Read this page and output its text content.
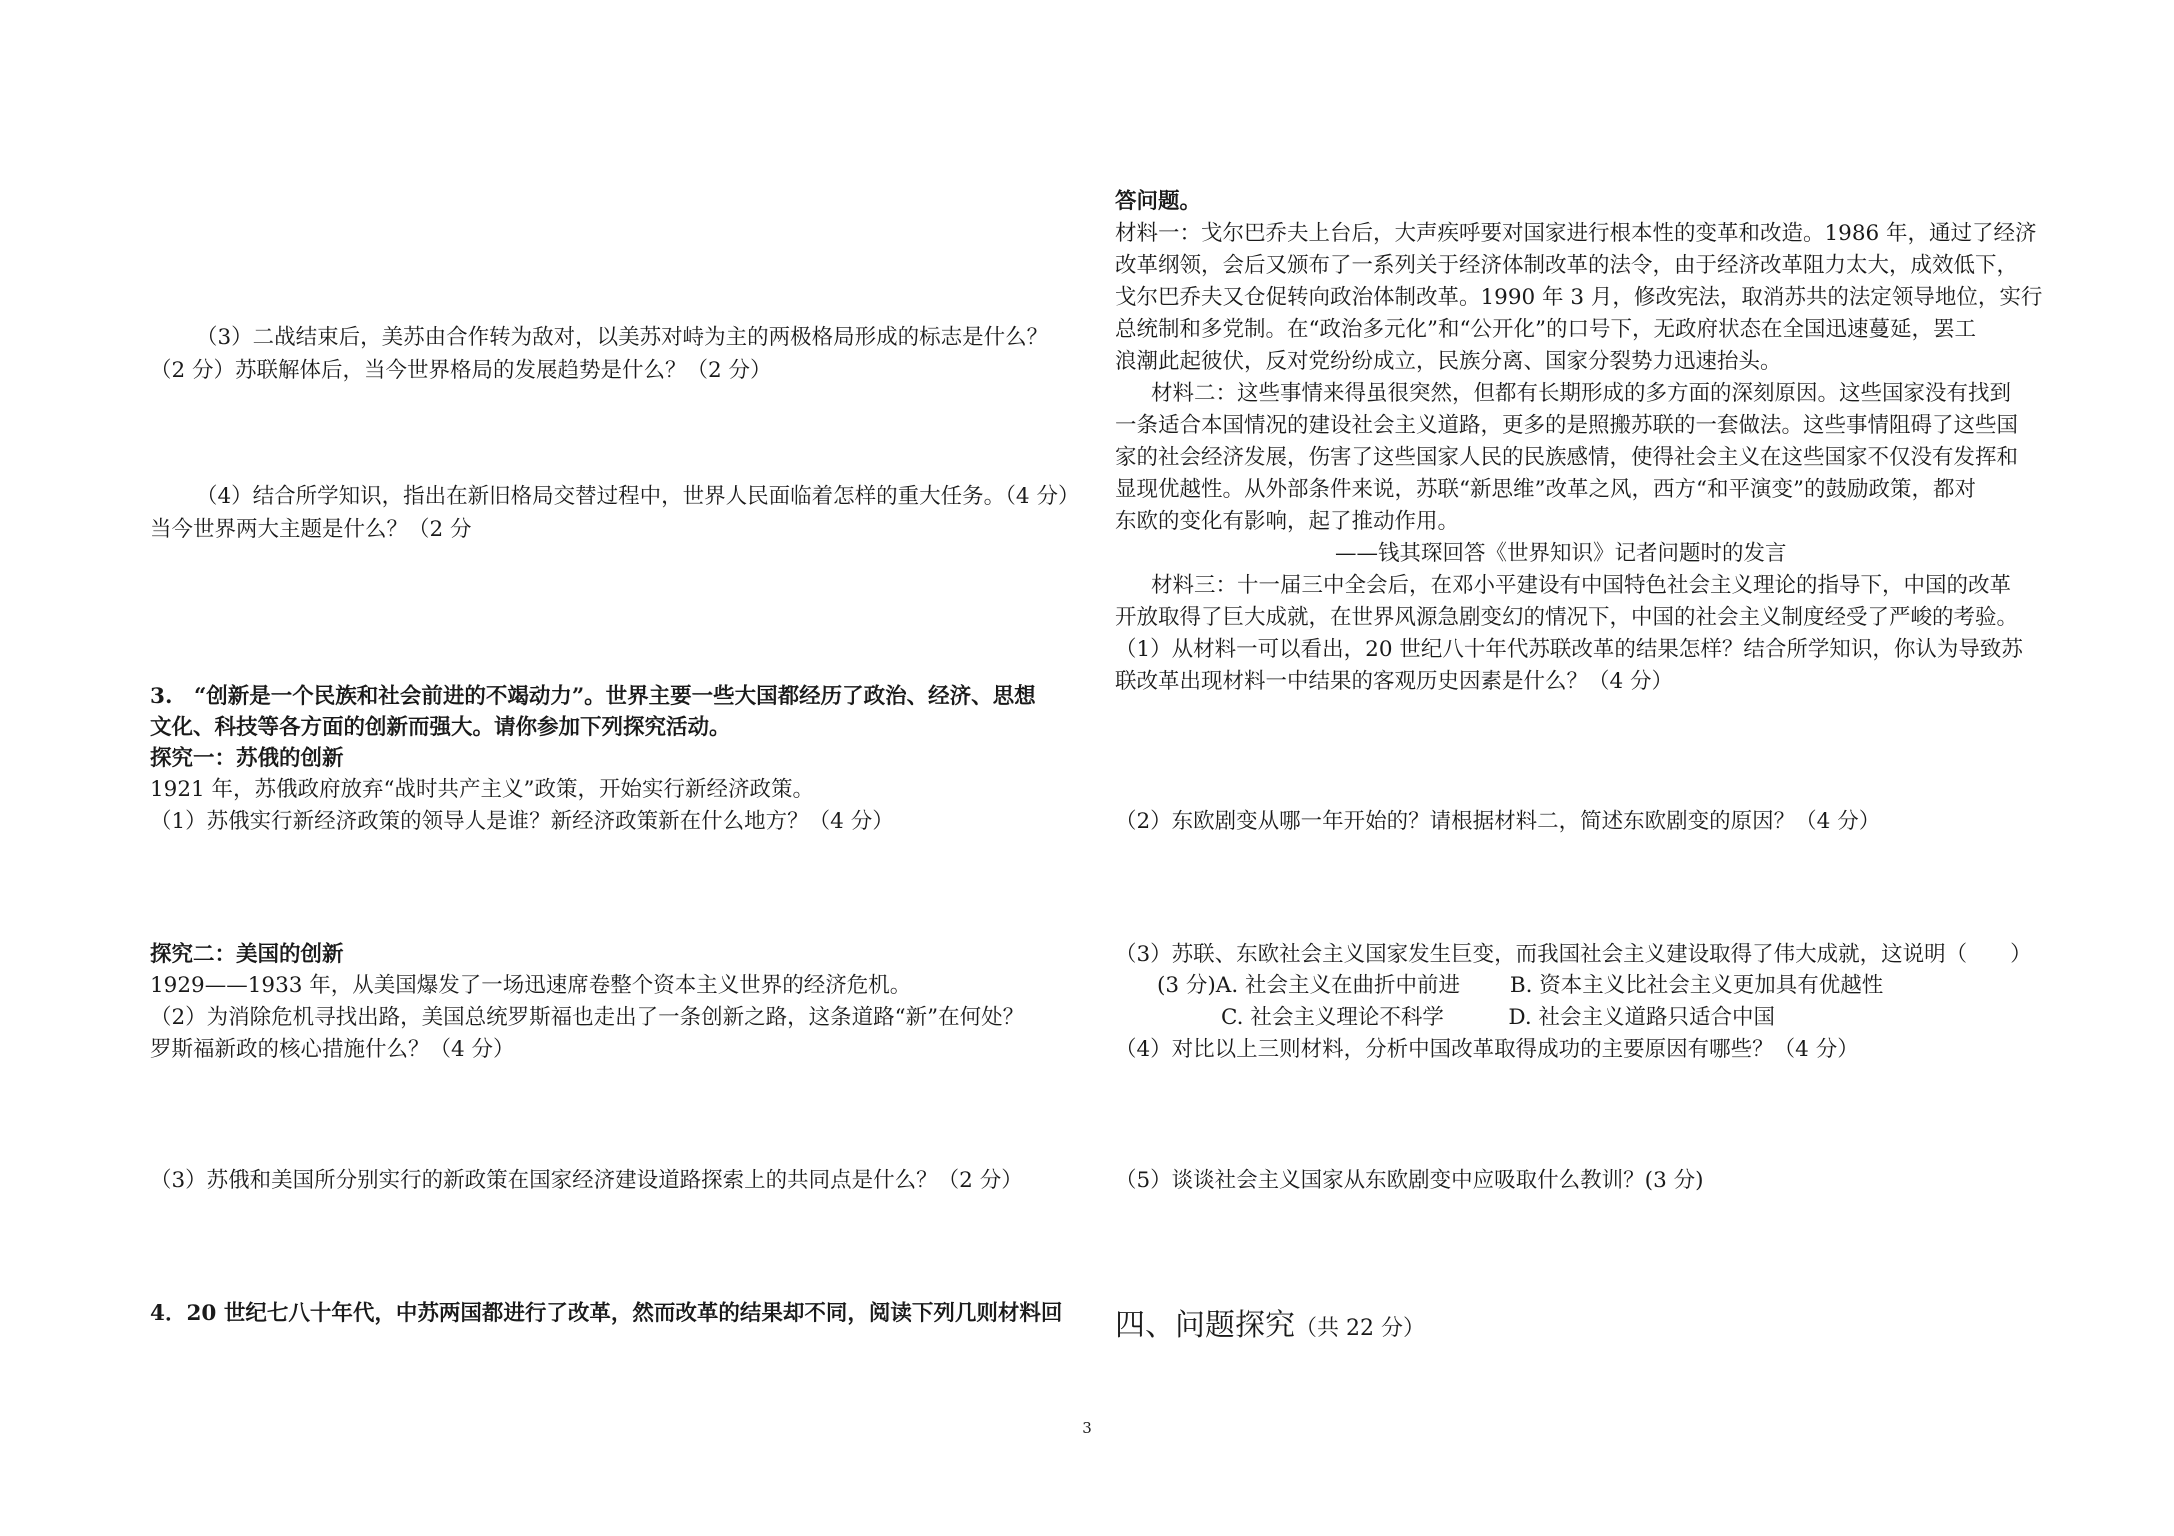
（3）二战结束后，美苏由合作转为敌对，以美苏对峙为主的两极格局形成的标志是什么？
（2 分）苏联解体后，当今世界格局的发展趋势是什么？（2 分）
（4）结合所学知识，指出在新旧格局交替过程中，世界人民面临着怎样的重大任务。（4 分）
当今世界两大主题是什么？（2 分
3.　“创新是一个民族和社会前进的不竭动力”。世界主要一些大国都经历了政治、经济、思想
文化、科技等各方面的创新而强大。请你参加下列探究活动。
探究一：苏俄的创新
1921 年，苏俄政府放弃“战时共产主义”政策，开始实行新经济政策。
（1）苏俄实行新经济政策的领导人是谁？新经济政策新在什么地方？（4 分）
探究二：美国的创新
1929——1933 年，从美国爆发了一场迅速席卷整个资本主义世界的经济危机。
（2）为消除危机寻找出路，美国总统罗斯福也走出了一条创新之路，这条道路“新”在何处？
罗斯福新政的核心措施什么？（4 分）
（3）苏俄和美国所分别实行的新政策在国家经济建设道路探索上的共同点是什么？（2 分）
4．20 世纪七八十年代，中苏两国都进行了改革，然而改革的结果却不同，阅读下列几则材料回
答问题。
材料一：戈尔巴乔夫上台后，大声疾呼要对国家进行根本性的变革和改造。1986 年，通过了经济
改革纲领，会后又颁布了一系列关于经济体制改革的法令，由于经济改革阻力太大，成效低下，
戈尔巴乔夫又仓促转向政治体制改革。1990 年 3 月，修改宪法，取消苏共的法定领导地位，实行
总统制和多党制。在“政治多元化”和“公开化”的口号下，无政府状态在全国迅速蔓延，罢工
浪潮此起彼伏，反对党纷纷成立，民族分离、国家分裂势力迅速抬头。
材料二：这些事情来得虽很突然，但都有长期形成的多方面的深刻原因。这些国家没有找到
一条适合本国情况的建设社会主义道路，更多的是照搬苏联的一套做法。这些事情阻碍了这些国
家的社会经济发展，伤害了这些国家人民的民族感情，使得社会主义在这些国家不仅没有发挥和
显现优越性。从外部条件来说，苏联“新思维”改革之风，西方“和平演变”的鼓励政策，都对
东欧的变化有影响，起了推动作用。
——钱其琛回答《世界知识》记者问题时的发言
材料三：十一届三中全会后，在邓小平建设有中国特色社会主义理论的指导下，中国的改革
开放取得了巨大成就，在世界风源急剧变幻的情况下，中国的社会主义制度经受了严峻的考验。
（1）从材料一可以看出，20 世纪八十年代苏联改革的结果怎样？结合所学知识，你认为导致苏
联改革出现材料一中结果的客观历史因素是什么？（4 分）
（2）东欧剧变从哪一年开始的？请根据材料二，简述东欧剧变的原因？（4 分）
（3）苏联、东欧社会主义国家发生巨变，而我国社会主义建设取得了伟大成就，这说明（　　）
(3 分)A. 社会主义在曲折中前进　　 B. 资本主义比社会主义更加具有优越性
C. 社会主义理论不科学　　　D. 社会主义道路只适合中国
（4）对比以上三则材料，分析中国改革取得成功的主要原因有哪些？（4 分）
（5）谈谈社会主义国家从东欧剧变中应吸取什么教训？(3 分)
四、问题探究（共 22 分）
3
